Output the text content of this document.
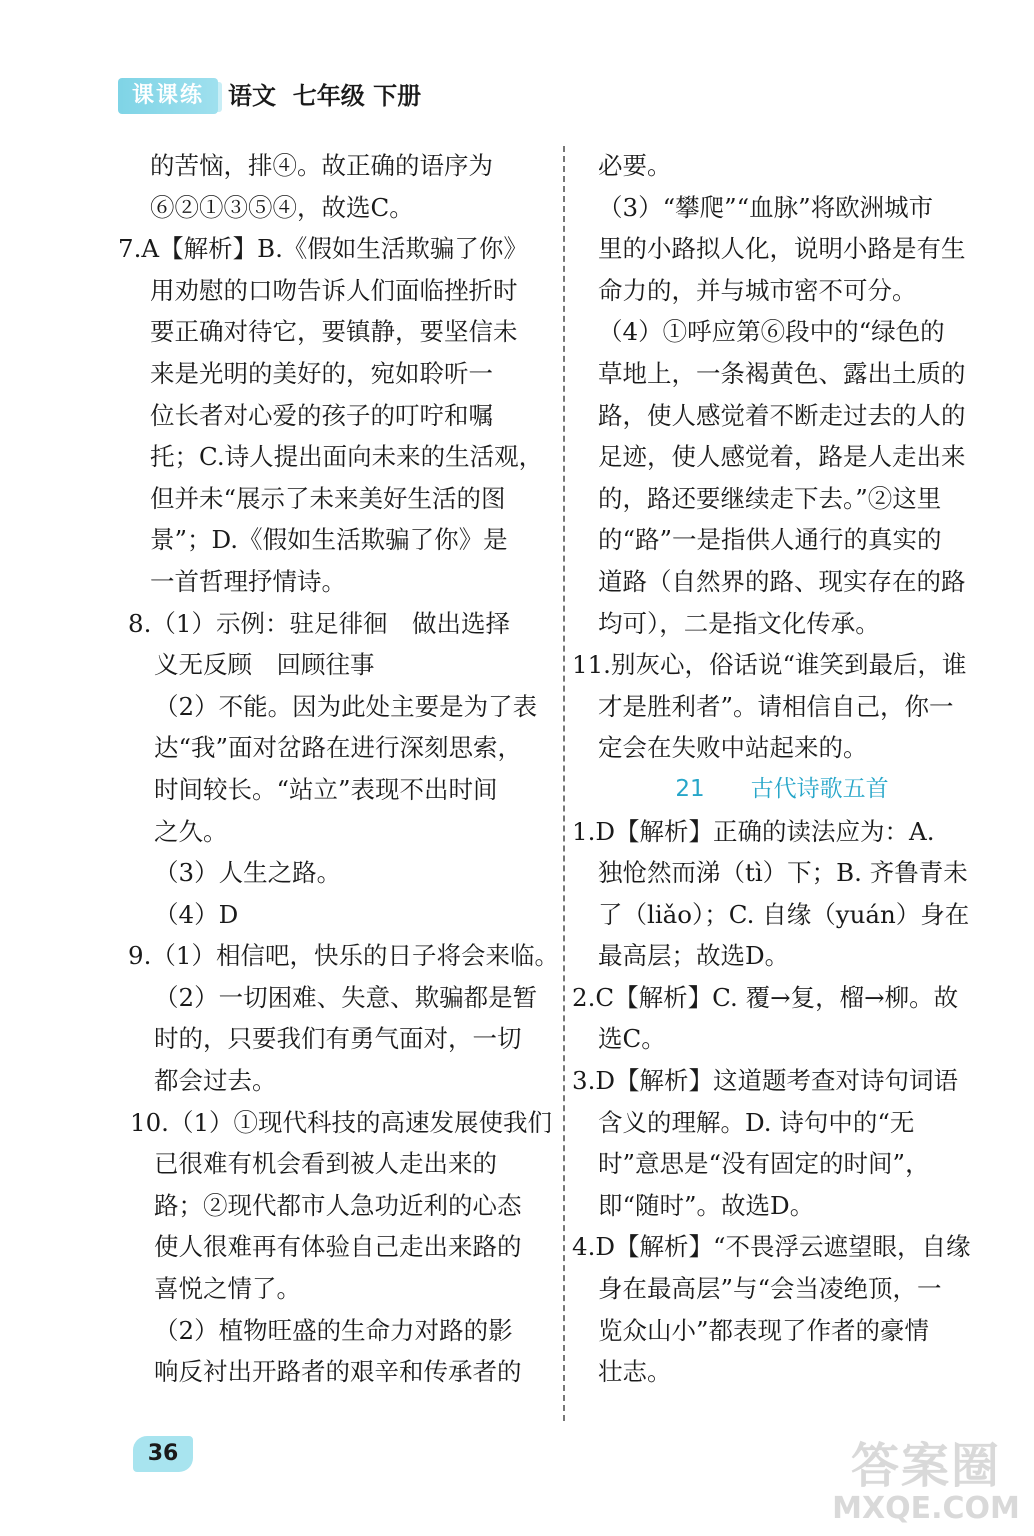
课课练	语文  七年级 下册
的苦恼，排④。故正确的语序为
⑥②①③⑤④，故选C。
7.A【解析】B.《假如生活欺骗了你》
用劝慰的口吻告诉人们面临挫折时
要正确对待它，要镇静，要坚信未
来是光明的美好的，宛如聆听一
位长者对心爱的孩子的叮咛和嘱
托；C.诗人提出面向未来的生活观，
但并未“展示了未来美好生活的图
景”；D.《假如生活欺骗了你》是
一首哲理抒情诗。
8.（1）示例：驻足徘徊　做出选择
义无反顾　回顾往事
（2）不能。因为此处主要是为了表
达“我”面对岔路在进行深刻思索，
时间较长。“站立”表现不出时间
之久。
（3）人生之路。
（4）D
9.（1）相信吧，快乐的日子将会来临。
（2）一切困难、失意、欺骗都是暂
时的，只要我们有勇气面对，一切
都会过去。
10.（1）①现代科技的高速发展使我们
已很难有机会看到被人走出来的
路；②现代都市人急功近利的心态
使人很难再有体验自己走出来路的
喜悦之情了。
（2）植物旺盛的生命力对路的影
响反衬出开路者的艰辛和传承者的
必要。
（3）“攀爬”“血脉”将欧洲城市
里的小路拟人化，说明小路是有生
命力的，并与城市密不可分。
（4）①呼应第⑥段中的“绿色的
草地上，一条褐黄色、露出土质的
路，使人感觉着不断走过去的人的
足迹，使人感觉着，路是人走出来
的，路还要继续走下去。”②这里
的“路”一是指供人通行的真实的
道路（自然界的路、现实存在的路
均可），二是指文化传承。
11.别灰心，俗话说“谁笑到最后，谁
才是胜利者”。请相信自己，你一
定会在失败中站起来的。
21　　古代诗歌五首
1.D【解析】正确的读法应为：A.
独怆然而涕（tì）下；B. 齐鲁青未
了（liǎo）；C. 自缘（yuán）身在
最高层；故选D。
2.C【解析】C. 覆→复，榴→柳。故
选C。
3.D【解析】这道题考查对诗句词语
含义的理解。D. 诗句中的“无
时”意思是“没有固定的时间”，
即“随时”。故选D。
4.D【解析】“不畏浮云遮望眼，自缘
身在最高层”与“会当凌绝顶，一
览众山小”都表现了作者的豪情
壮志。
36	答案圈
MXQE.COM
